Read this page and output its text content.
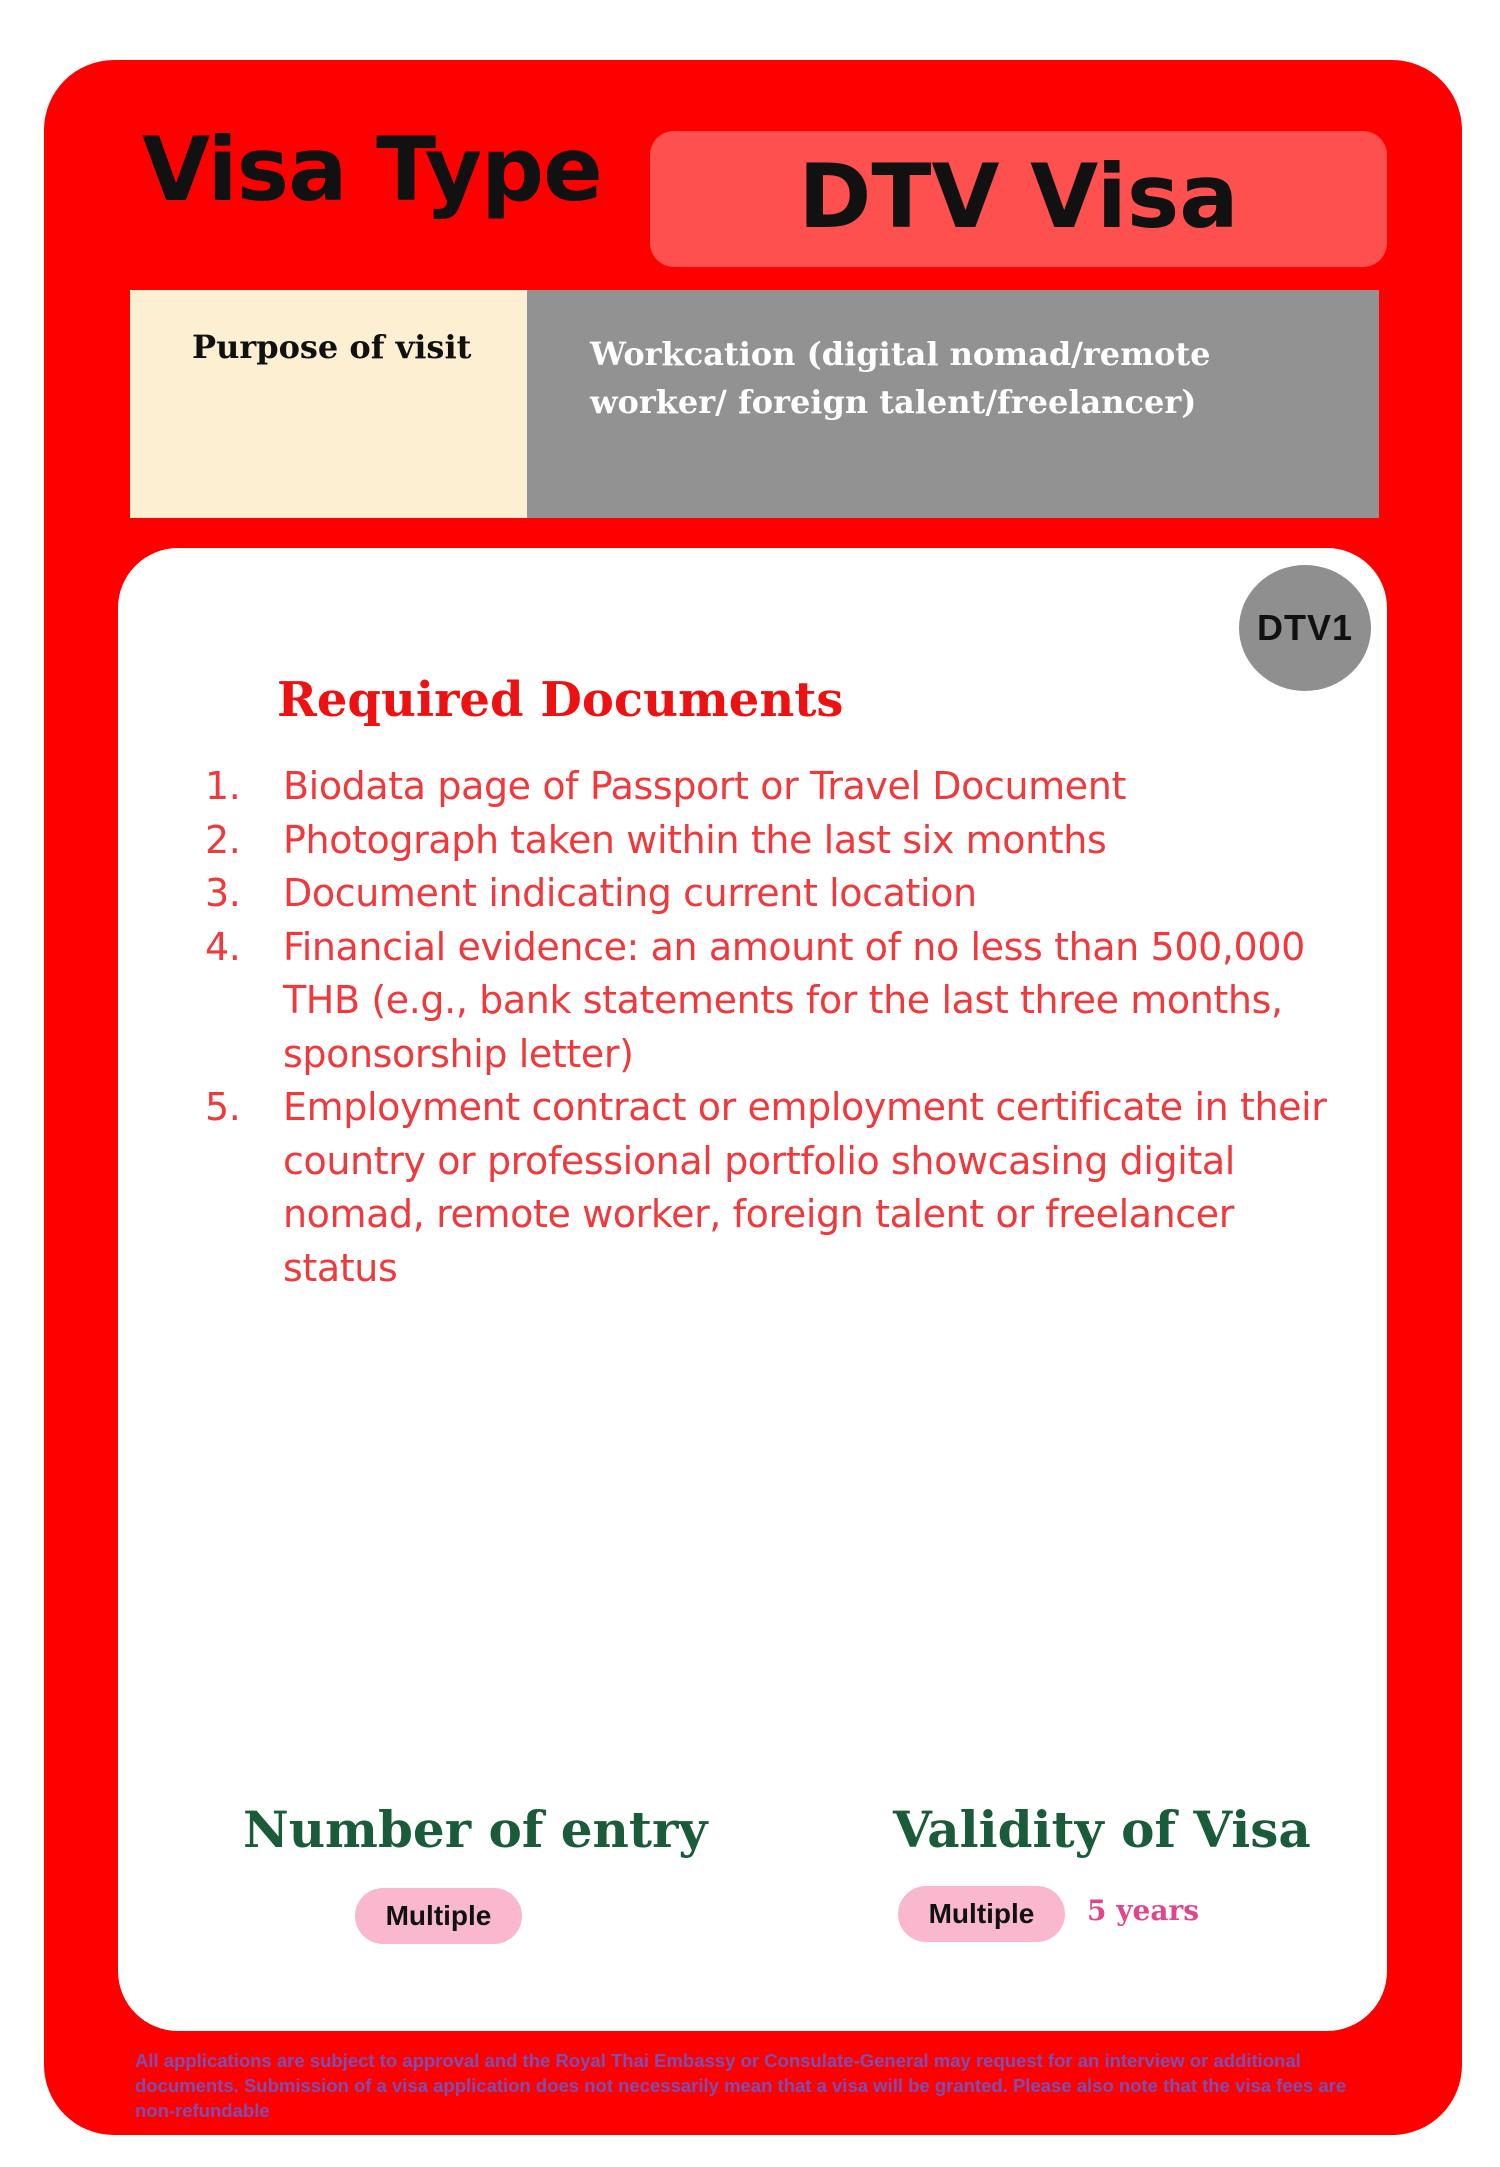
Visa Type	DTV Visa
Purpose of visit	Workcation (digital nomad/remote worker/ foreign talent/freelancer)
DTV1
Required Documents
1. Biodata page of Passport or Travel Document
2. Photograph taken within the last six months
3. Document indicating current location
4. Financial evidence: an amount of no less than 500,000 THB (e.g., bank statements for the last three months, sponsorship letter)
5. Employment contract or employment certificate in their country or professional portfolio showcasing digital nomad, remote worker, foreign talent or freelancer status
Number of entry	Validity of Visa
Multiple	Multiple	5 years
All applications are subject to approval and the Royal Thai Embassy or Consulate-General may request for an interview or additional documents. Submission of a visa application does not necessarily mean that a visa will be granted. Please also note that the visa fees are non-refundable
